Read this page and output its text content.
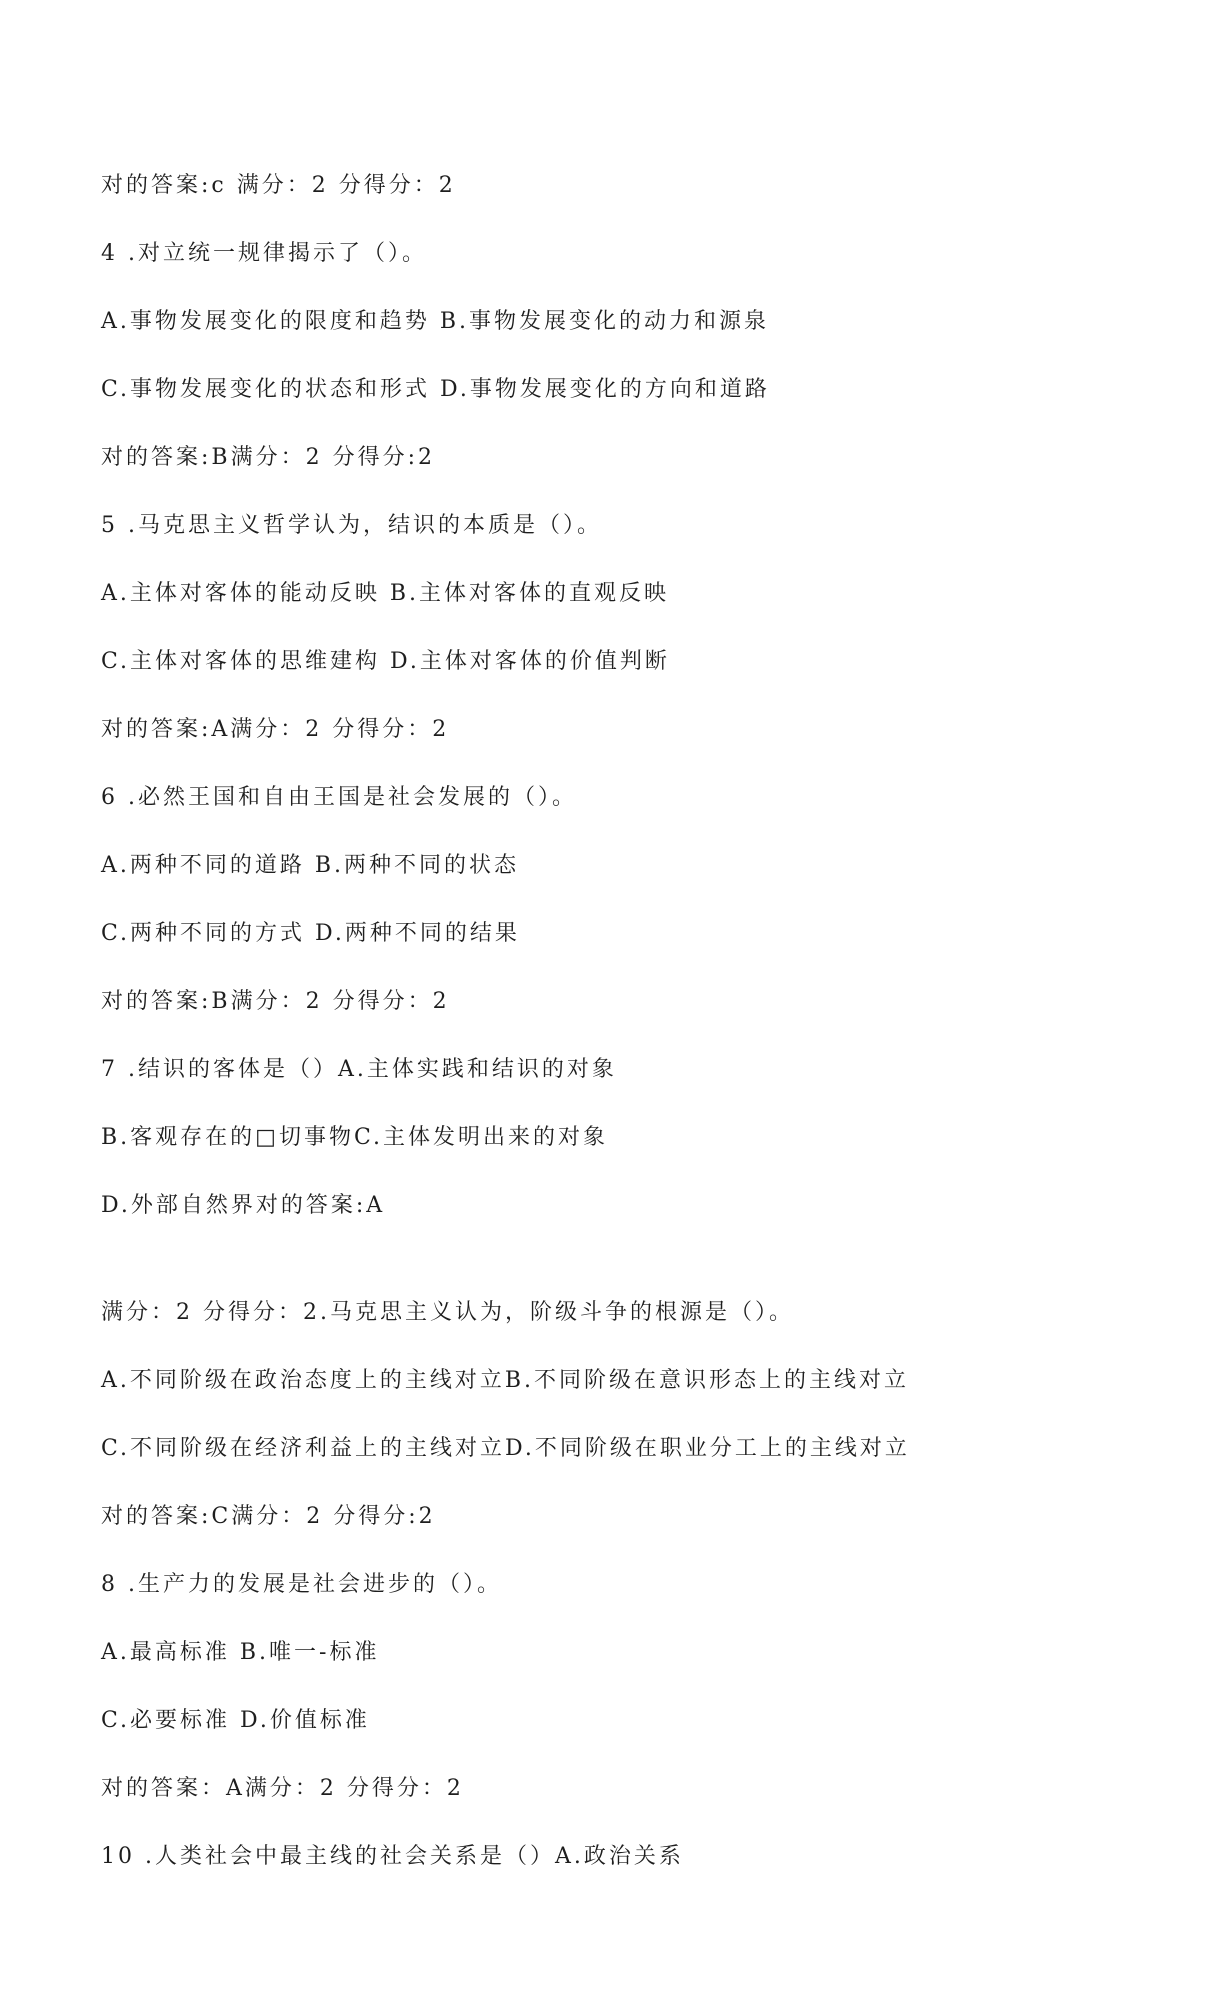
对的答案:c 满分：2 分得分：2
4 .对立统一规律揭示了（）。
A.事物发展变化的限度和趋势 B.事物发展变化的动力和源泉
C.事物发展变化的状态和形式 D.事物发展变化的方向和道路
对的答案:B满分：2 分得分:2
5 .马克思主义哲学认为，结识的本质是（）。
A.主体对客体的能动反映 B.主体对客体的直观反映
C.主体对客体的思维建构 D.主体对客体的价值判断
对的答案:A满分：2 分得分：2
6 .必然王国和自由王国是社会发展的（）。
A.两种不同的道路 B.两种不同的状态
C.两种不同的方式 D.两种不同的结果
对的答案:B满分：2 分得分：2
7 .结识的客体是（）A.主体实践和结识的对象
B.客观存在的□切事物C.主体发明出来的对象
D.外部自然界对的答案:A
满分：2 分得分：2.马克思主义认为，阶级斗争的根源是（）。
A.不同阶级在政治态度上的主线对立B.不同阶级在意识形态上的主线对立
C.不同阶级在经济利益上的主线对立D.不同阶级在职业分工上的主线对立
对的答案:C满分：2 分得分:2
8 .生产力的发展是社会进步的（）。
A.最高标准 B.唯一-标准
C.必要标准 D.价值标准
对的答案：A满分：2 分得分：2
10 .人类社会中最主线的社会关系是（）A.政治关系
